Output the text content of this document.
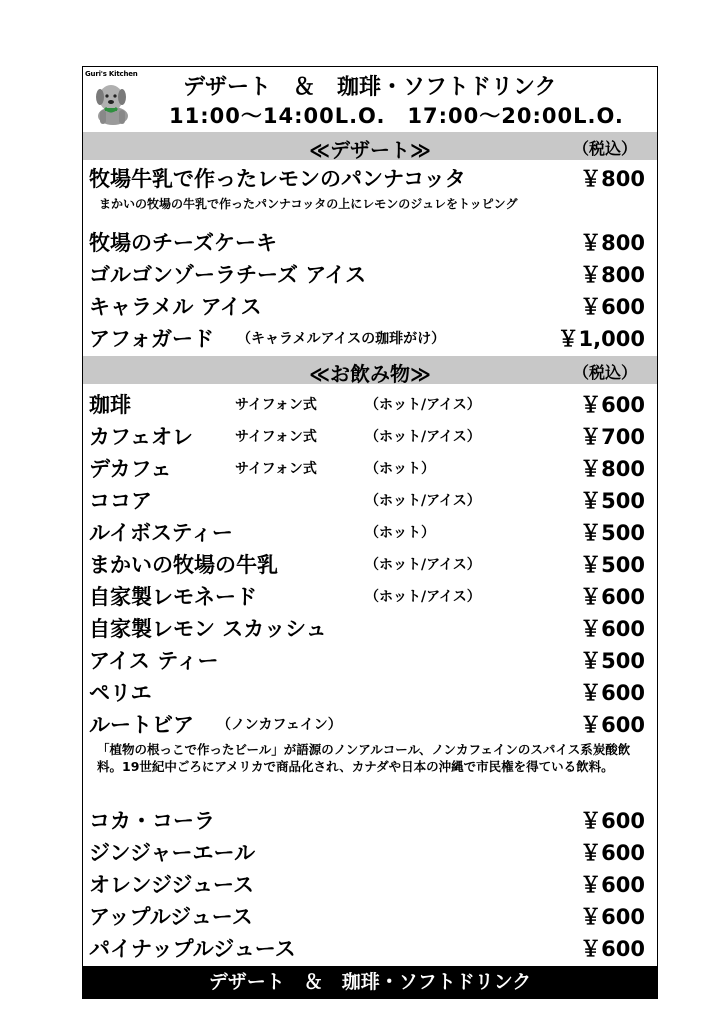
Guri's Kitchen
デザート　＆　珈琲・ソフトドリンク
11:00～14:00L.O.　17:00～20:00L.O.
≪デザート≫	（税込）
牧場牛乳で作ったレモンのパンナコッタ	￥800
まかいの牧場の牛乳で作ったパンナコッタの上にレモンのジュレをトッピング
牧場のチーズケーキ	￥800
ゴルゴンゾーラチーズ アイス	￥800
キャラメル アイス	￥600
アフォガード （キャラメルアイスの珈琲がけ）	￥1,000
≪お飲み物≫	（税込）
珈琲	サイフォン式	（ホット/アイス）	￥600
カフェオレ	サイフォン式	（ホット/アイス）	￥700
デカフェ	サイフォン式	（ホット）	￥800
ココア	（ホット/アイス）	￥500
ルイボスティー	（ホット）	￥500
まかいの牧場の牛乳	（ホット/アイス）	￥500
自家製レモネード	（ホット/アイス）	￥600
自家製レモン スカッシュ	￥600
アイス ティー	￥500
ペリエ	￥600
ルートビア （ノンカフェイン）	￥600
「植物の根っこで作ったビール」が語源のノンアルコール、ノンカフェインのスパイス系炭酸飲料。19世紀中ごろにアメリカで商品化され、カナダや日本の沖縄で市民権を得ている飲料。
コカ・コーラ	￥600
ジンジャーエール	￥600
オレンジジュース	￥600
アップルジュース	￥600
パイナップルジュース	￥600
デザート　＆　珈琲・ソフトドリンク
